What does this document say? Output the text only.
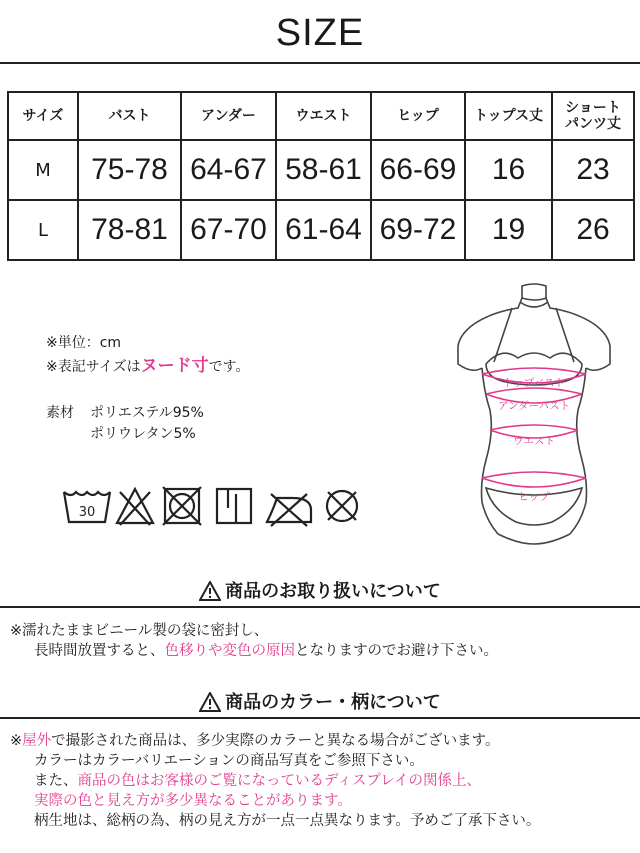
SIZE
サイズ	バスト	アンダー	ウエスト	ヒップ	トップス丈	ショート
パンツ丈
M	75-78	64-67	58-61	66-69	16	23
L	78-81	67-70	61-64	69-72	19	26
※単位：cm
※表記サイズはヌード寸です。
素材 ポリエステル95%
ポリウレタン5%
30
トップバスト
アンダーバスト
ウエスト
ヒップ
商品のお取り扱いについて
※濡れたままビニール製の袋に密封し、
長時間放置すると、色移りや変色の原因となりますのでお避け下さい。
商品のカラー・柄について
※屋外で撮影された商品は、多少実際のカラーと異なる場合がございます。
カラーはカラーバリエーションの商品写真をご参照下さい。
また、商品の色はお客様のご覧になっているディスプレイの関係上、
実際の色と見え方が多少異なることがあります。
柄生地は、総柄の為、柄の見え方が一点一点異なります。予めご了承下さい。
